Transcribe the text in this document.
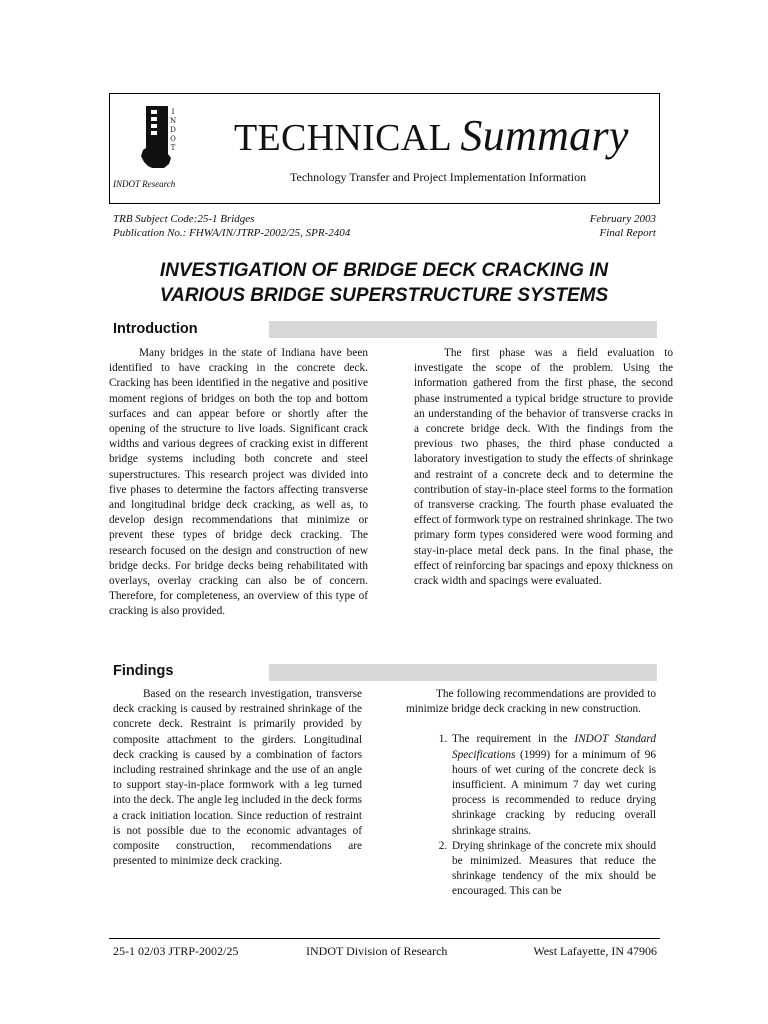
I
N
D
O
T
INDOT Research
TECHNICAL Summary
Technology Transfer and Project Implementation Information
TRB Subject Code:25-1 Bridges
Publication No.: FHWA/IN/JTRP-2002/25, SPR-2404
February 2003
Final Report
INVESTIGATION OF BRIDGE DECK CRACKING IN
VARIOUS BRIDGE SUPERSTRUCTURE SYSTEMS
Introduction

Many bridges in the state of Indiana have been identified to have cracking in the concrete deck. Cracking has been identified in the negative and positive moment regions of bridges on both the top and bottom surfaces and can appear before or shortly after the opening of the structure to live loads. Significant crack widths and various degrees of cracking exist in different bridge systems including both concrete and steel superstructures. This research project was divided into five phases to determine the factors affecting transverse and longitudinal bridge deck cracking, as well as, to develop design recommendations that minimize or prevent these types of bridge deck cracking. The research focused on the design and construction of new bridge decks. For bridge decks being rehabilitated with overlays, overlay cracking can also be of concern. Therefore, for completeness, an overview of this type of cracking is also provided.

The first phase was a field evaluation to investigate the scope of the problem. Using the information gathered from the first phase, the second phase instrumented a typical bridge structure to provide an understanding of the behavior of transverse cracks in a concrete bridge deck. With the findings from the previous two phases, the third phase conducted a laboratory investigation to study the effects of shrinkage and restraint of a concrete deck and to determine the contribution of stay-in-place steel forms to the formation of transverse cracking. The fourth phase evaluated the effect of formwork type on restrained shrinkage. The two primary form types considered were wood forming and stay-in-place metal deck pans. In the final phase, the effect of reinforcing bar spacings and epoxy thickness on crack width and spacings were evaluated.

Findings

Based on the research investigation, transverse deck cracking is caused by restrained shrinkage of the concrete deck. Restraint is primarily provided by composite attachment to the girders. Longitudinal deck cracking is caused by a combination of factors including restrained shrinkage and the use of an angle to support stay-in-place formwork with a leg turned into the deck. The angle leg included in the deck forms a crack initiation location. Since reduction of restraint is not possible due to the economic advantages of composite construction, recommendations are presented to minimize deck cracking.

The following recommendations are provided to minimize bridge deck cracking in new construction.

1. The requirement in the INDOT Standard Specifications (1999) for a minimum of 96 hours of wet curing of the concrete deck is insufficient. A minimum 7 day wet curing process is recommended to reduce drying shrinkage cracking by reducing overall shrinkage strains.
2. Drying shrinkage of the concrete mix should be minimized. Measures that reduce the shrinkage tendency of the mix should be encouraged. This can be
25-1 02/03 JTRP-2002/25	INDOT Division of Research	West Lafayette, IN 47906
